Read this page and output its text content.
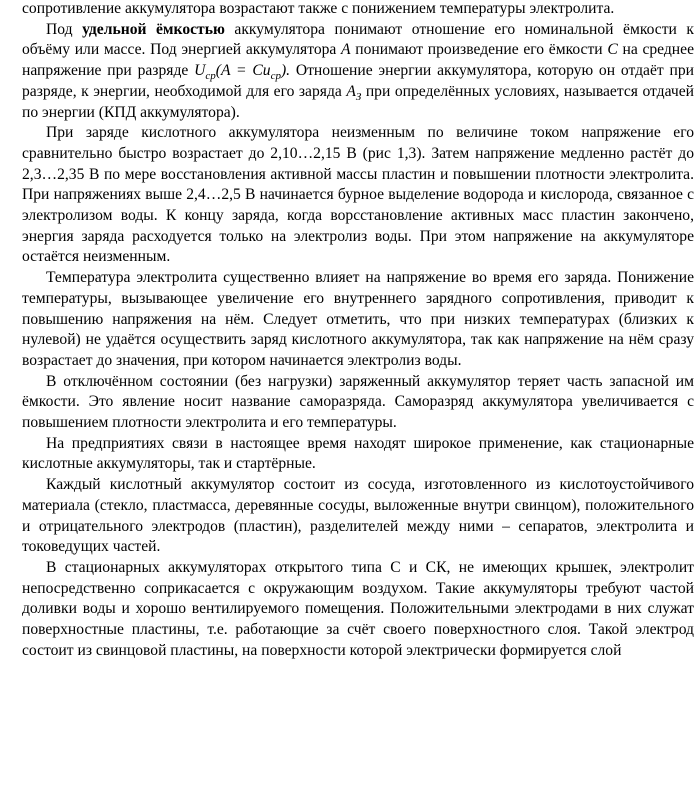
сопротивление аккумулятора возрастают также с понижением температуры электролита.

Под удельной ёмкостью аккумулятора понимают отношение его номинальной ёмкости к объёму или массе. Под энергией аккумулятора A понимают произведение его ёмкости C на среднее напряжение при разряде $U_{ср}(A = Cu_{ср})$. Отношение энергии аккумулятора, которую он отдаёт при разряде, к энергии, необходимой для его заряда $A_З$ при определённых условиях, называется отдачей по энергии (КПД аккумулятора).

При заряде кислотного аккумулятора неизменным по величине током напряжение его сравнительно быстро возрастает до 2,10…2,15 В (рис 1,3). Затем напряжение медленно растёт до 2,3…2,35 В по мере восстановления активной массы пластин и повышении плотности электролита. При напряжениях выше 2,4…2,5 В начинается бурное выделение водорода и кислорода, связанное с электролизом воды. К концу заряда, когда ворсстановление активных масс пластин закончено, энергия заряда расходуется только на электролиз воды. При этом напряжение на аккумуляторе остаётся неизменным.

Температура электролита существенно влияет на напряжение во время его заряда. Понижение температуры, вызывающее увеличение его внутреннего зарядного сопротивления, приводит к повышению напряжения на нём. Следует отметить, что при низких температурах (близких к нулевой) не удаётся осуществить заряд кислотного аккумулятора, так как напряжение на нём сразу возрастает до значения, при котором начинается электролиз воды.

В отключённом состоянии (без нагрузки) заряженный аккумулятор теряет часть запасной им ёмкости. Это явление носит название саморазряда. Саморазряд аккумулятора увеличивается с повышением плотности электролита и его температуры.

На предприятиях связи в настоящее время находят широкое применение, как стационарные кислотные аккумуляторы, так и стартёрные.

Каждый кислотный аккумулятор состоит из сосуда, изготовленного из кислотоустойчивого материала (стекло, пластмасса, деревянные сосуды, выложенные внутри свинцом), положительного и отрицательного электродов (пластин), разделителей между ними – сепаратов, электролита и токоведущих частей.

В стационарных аккумуляторах открытого типа С и СК, не имеющих крышек, электролит непосредственно соприкасается с окружающим воздухом. Такие аккумуляторы требуют частой доливки воды и хорошо вентилируемого помещения. Положительными электродами в них служат поверхностные пластины, т.е. работающие за счёт своего поверхностного слоя. Такой электрод состоит из свинцовой пластины, на поверхности которой электрически формируется слой
